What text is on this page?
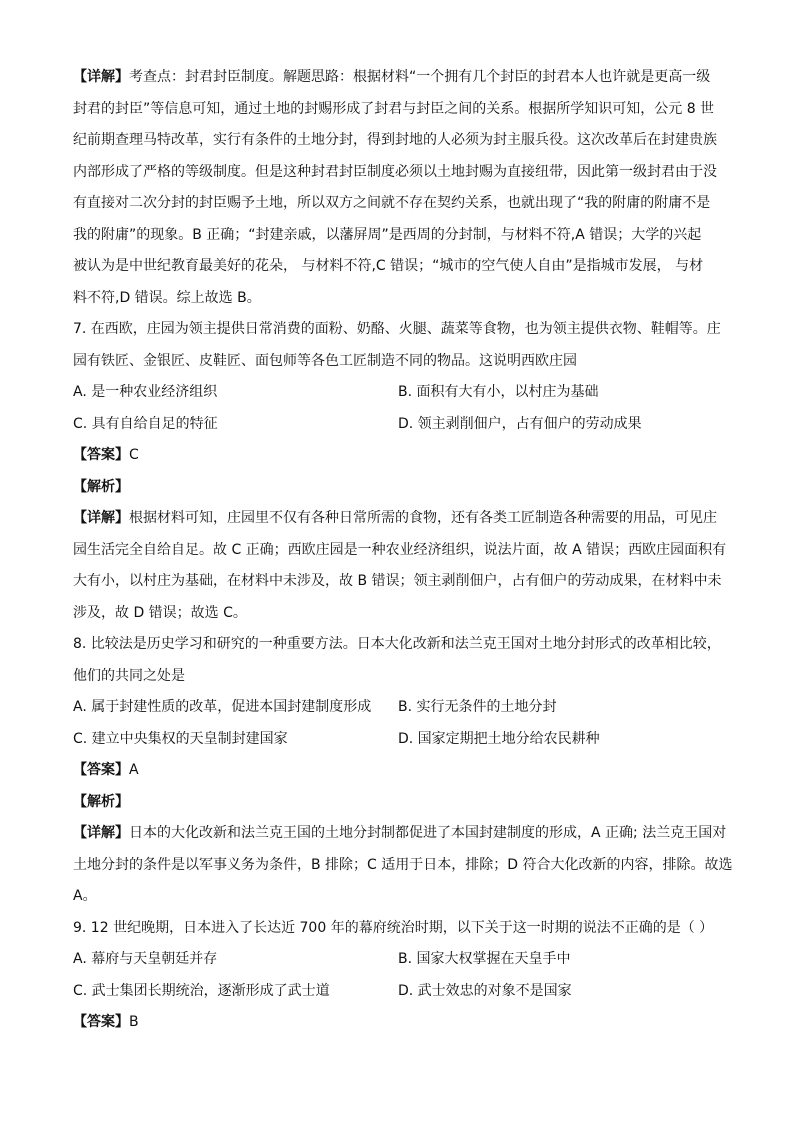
【详解】考查点：封君封臣制度。解题思路：根据材料“一个拥有几个封臣的封君本人也许就是更高一级
封君的封臣”等信息可知，通过土地的封赐形成了封君与封臣之间的关系。根据所学知识可知，公元 8 世
纪前期查理马特改革，实行有条件的土地分封，得到封地的人必须为封主服兵役。这次改革后在封建贵族
内部形成了严格的等级制度。但是这种封君封臣制度必须以土地封赐为直接纽带，因此第一级封君由于没
有直接对二次分封的封臣赐予土地，所以双方之间就不存在契约关系，也就出现了“我的附庸的附庸不是
我的附庸”的现象。B 正确；“封建亲戚，以藩屏周”是西周的分封制，与材料不符,A 错误；大学的兴起
被认为是中世纪教育最美好的花朵， 与材料不符,C 错误；“城市的空气使人自由”是指城市发展， 与材
料不符,D 错误。综上故选 B。
7. 在西欧，庄园为领主提供日常消费的面粉、奶酪、火腿、蔬菜等食物，也为领主提供衣物、鞋帽等。庄
园有铁匠、金银匠、皮鞋匠、面包师等各色工匠制造不同的物品。这说明西欧庄园
A. 是一种农业经济组织	B. 面积有大有小，以村庄为基础
C. 具有自给自足的特征	D. 领主剥削佃户，占有佃户的劳动成果
【答案】C
【解析】
【详解】根据材料可知，庄园里不仅有各种日常所需的食物，还有各类工匠制造各种需要的用品，可见庄
园生活完全自给自足。故 C 正确；西欧庄园是一种农业经济组织，说法片面，故 A 错误；西欧庄园面积有
大有小，以村庄为基础，在材料中未涉及，故 B 错误；领主剥削佃户，占有佃户的劳动成果，在材料中未
涉及，故 D 错误；故选 C。
8. 比较法是历史学习和研究的一种重要方法。日本大化改新和法兰克王国对土地分封形式的改革相比较，
他们的共同之处是
A. 属于封建性质的改革，促进本国封建制度形成	B. 实行无条件的土地分封
C. 建立中央集权的天皇制封建国家	D. 国家定期把土地分给农民耕种
【答案】A
【解析】
【详解】日本的大化改新和法兰克王国的土地分封制都促进了本国封建制度的形成，A 正确; 法兰克王国对
土地分封的条件是以军事义务为条件，B 排除；C 适用于日本，排除；D 符合大化改新的内容，排除。故选
A。
9. 12 世纪晚期，日本进入了长达近 700 年的幕府统治时期，以下关于这一时期的说法不正确的是（ ）
A. 幕府与天皇朝廷并存	B. 国家大权掌握在天皇手中
C. 武士集团长期统治，逐渐形成了武士道	D. 武士效忠的对象不是国家
【答案】B
